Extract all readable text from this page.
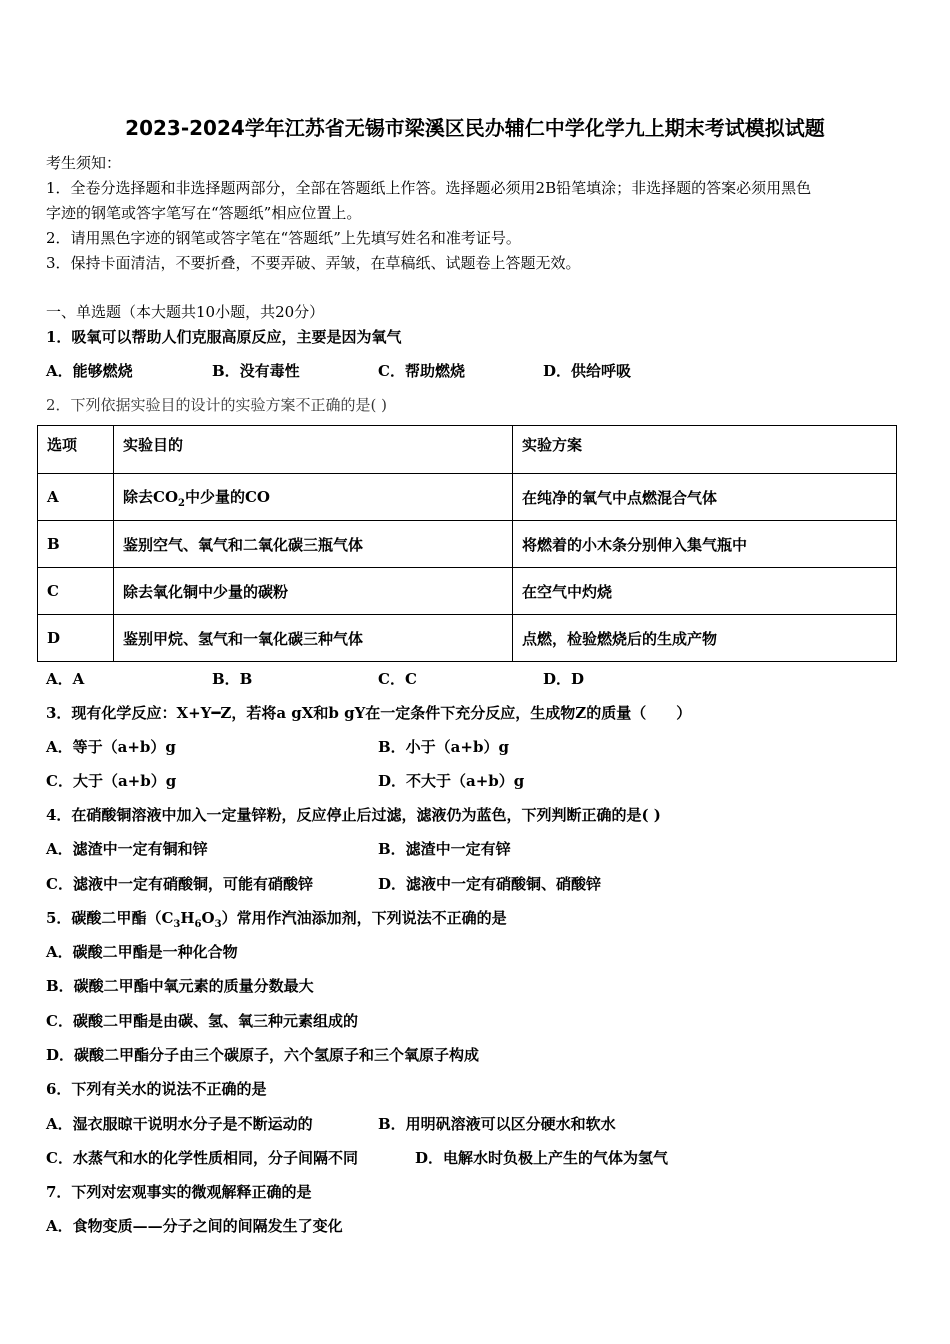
2023-2024学年江苏省无锡市梁溪区民办辅仁中学化学九上期末考试模拟试题
考生须知：
1．全卷分选择题和非选择题两部分，全部在答题纸上作答。选择题必须用2B铅笔填涂；非选择题的答案必须用黑色
字迹的钢笔或答字笔写在“答题纸”相应位置上。
2．请用黑色字迹的钢笔或答字笔在“答题纸”上先填写姓名和准考证号。
3．保持卡面清洁，不要折叠，不要弄破、弄皱，在草稿纸、试题卷上答题无效。
一、单选题（本大题共10小题，共20分）
1．吸氧可以帮助人们克服高原反应，主要是因为氧气
A．能够燃烧	B．没有毒性	C．帮助燃烧	D．供给呼吸
2．下列依据实验目的设计的实验方案不正确的是( )
选项	实验目的	实验方案
A	除去$CO_2$中少量的CO	在纯净的氧气中点燃混合气体
B	鉴别空气、氧气和二氧化碳三瓶气体	将燃着的小木条分别伸入集气瓶中
C	除去氧化铜中少量的碳粉	在空气中灼烧
D	鉴别甲烷、氢气和一氧化碳三种气体	点燃，检验燃烧后的生成产物
A．A	B．B	C．C	D．D
3．现有化学反应：X+Y━Z，若将a gX和b gY在一定条件下充分反应，生成物Z的质量（　　）
A．等于（a+b）g	B．小于（a+b）g
C．大于（a+b）g	D．不大于（a+b）g
4．在硝酸铜溶液中加入一定量锌粉，反应停止后过滤，滤液仍为蓝色，下列判断正确的是( )
A．滤渣中一定有铜和锌	B．滤渣中一定有锌
C．滤液中一定有硝酸铜，可能有硝酸锌	D．滤液中一定有硝酸铜、硝酸锌
5．碳酸二甲酯$(C_3H_6O_3)$常用作汽油添加剂，下列说法不正确的是
A．碳酸二甲酯是一种化合物
B．碳酸二甲酯中氧元素的质量分数最大
C．碳酸二甲酯是由碳、氢、氧三种元素组成的
D．碳酸二甲酯分子由三个碳原子，六个氢原子和三个氧原子构成
6．下列有关水的说法不正确的是
A．湿衣服晾干说明水分子是不断运动的	B．用明矾溶液可以区分硬水和软水
C．水蒸气和水的化学性质相同，分子间隔不同	D．电解水时负极上产生的气体为氢气
7．下列对宏观事实的微观解释正确的是
A．食物变质——分子之间的间隔发生了变化
